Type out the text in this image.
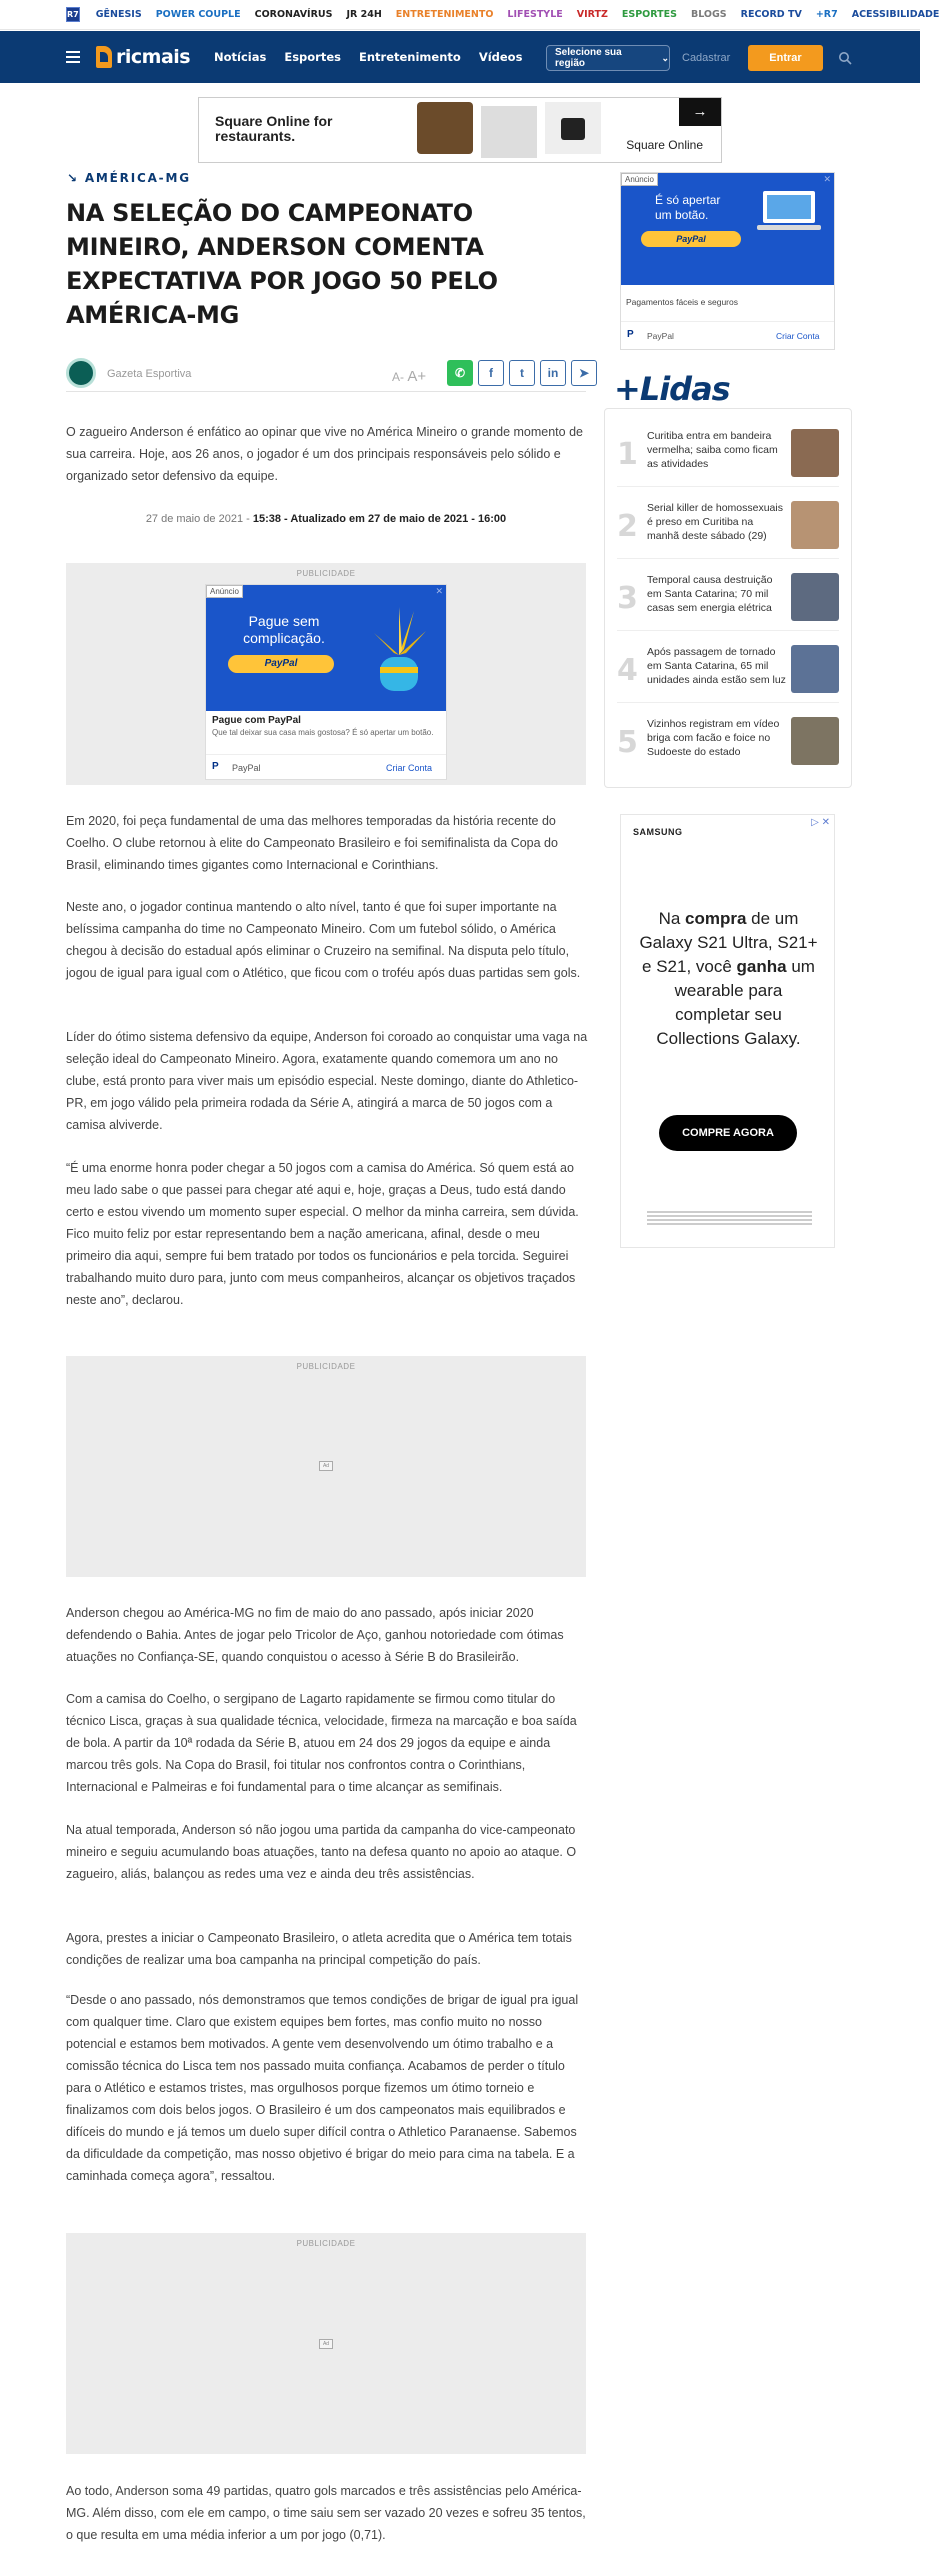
R7 GÊNESIS POWER COUPLE CORONAVÍRUS JR 24H ENTRETENIMENTO LIFESTYLE VIRTZ ESPORTES BLOGS RECORD TV +R7 ACESSIBILIDADE
ricmais Notícias Esportes Entretenimento Vídeos	Selecione sua região
⌄ Cadastrar	Entrar
Square Online for restaurants.
→
Square Online
↘ AMÉRICA-MG
NA SELEÇÃO DO CAMPEONATO MINEIRO, ANDERSON COMENTA EXPECTATIVA POR JOGO 50 PELO AMÉRICA-MG
Gazeta Esportiva	A- A+	✆	f	t	in	➤

O zagueiro Anderson é enfático ao opinar que vive no América Mineiro o grande momento de sua carreira. Hoje, aos 26 anos, o jogador é um dos principais responsáveis pelo sólido e organizado setor defensivo da equipe.

27 de maio de 2021 - 15:38 - Atualizado em 27 de maio de 2021 - 16:00
PUBLICIDADE
Anúncio	✕
Pague sem complicação.
PayPal
Pague com PayPal
Que tal deixar sua casa mais gostosa? É só apertar um botão.
P PayPal	Criar Conta

Em 2020, foi peça fundamental de uma das melhores temporadas da história recente do Coelho. O clube retornou à elite do Campeonato Brasileiro e foi semifinalista da Copa do Brasil, eliminando times gigantes como Internacional e Corinthians.

Neste ano, o jogador continua mantendo o alto nível, tanto é que foi super importante na belíssima campanha do time no Campeonato Mineiro. Com um futebol sólido, o América chegou à decisão do estadual após eliminar o Cruzeiro na semifinal. Na disputa pelo título, jogou de igual para igual com o Atlético, que ficou com o troféu após duas partidas sem gols.

Líder do ótimo sistema defensivo da equipe, Anderson foi coroado ao conquistar uma vaga na seleção ideal do Campeonato Mineiro. Agora, exatamente quando comemora um ano no clube, está pronto para viver mais um episódio especial. Neste domingo, diante do Athletico-PR, em jogo válido pela primeira rodada da Série A, atingirá a marca de 50 jogos com a camisa alviverde.

“É uma enorme honra poder chegar a 50 jogos com a camisa do América. Só quem está ao meu lado sabe o que passei para chegar até aqui e, hoje, graças a Deus, tudo está dando certo e estou vivendo um momento super especial. O melhor da minha carreira, sem dúvida. Fico muito feliz por estar representando bem a nação americana, afinal, desde o meu primeiro dia aqui, sempre fui bem tratado por todos os funcionários e pela torcida. Seguirei trabalhando muito duro para, junto com meus companheiros, alcançar os objetivos traçados neste ano”, declarou.

PUBLICIDADE
Ad

Anderson chegou ao América-MG no fim de maio do ano passado, após iniciar 2020 defendendo o Bahia. Antes de jogar pelo Tricolor de Aço, ganhou notoriedade com ótimas atuações no Confiança-SE, quando conquistou o acesso à Série B do Brasileirão.

Com a camisa do Coelho, o sergipano de Lagarto rapidamente se firmou como titular do técnico Lisca, graças à sua qualidade técnica, velocidade, firmeza na marcação e boa saída de bola. A partir da 10ª rodada da Série B, atuou em 24 dos 29 jogos da equipe e ainda marcou três gols. Na Copa do Brasil, foi titular nos confrontos contra o Corinthians, Internacional e Palmeiras e foi fundamental para o time alcançar as semifinais.

Na atual temporada, Anderson só não jogou uma partida da campanha do vice-campeonato mineiro e seguiu acumulando boas atuações, tanto na defesa quanto no apoio ao ataque. O zagueiro, aliás, balançou as redes uma vez e ainda deu três assistências.

Agora, prestes a iniciar o Campeonato Brasileiro, o atleta acredita que o América tem totais condições de realizar uma boa campanha na principal competição do país.

“Desde o ano passado, nós demonstramos que temos condições de brigar de igual pra igual com qualquer time. Claro que existem equipes bem fortes, mas confio muito no nosso potencial e estamos bem motivados. A gente vem desenvolvendo um ótimo trabalho e a comissão técnica do Lisca tem nos passado muita confiança. Acabamos de perder o título para o Atlético e estamos tristes, mas orgulhosos porque fizemos um ótimo torneio e finalizamos com dois belos jogos. O Brasileiro é um dos campeonatos mais equilibrados e difíceis do mundo e já temos um duelo super difícil contra o Athletico Paranaense. Sabemos da dificuldade da competição, mas nosso objetivo é brigar do meio para cima na tabela. E a caminhada começa agora”, ressaltou.

PUBLICIDADE
Ad

Ao todo, Anderson soma 49 partidas, quatro gols marcados e três assistências pelo América-MG. Além disso, com ele em campo, o time saiu sem ser vazado 20 vezes e sofreu 35 tentos, o que resulta em uma média inferior a um por jogo (0,71).

Anúncio	✕
É só apertar um botão.
PayPal
Pagamentos fáceis e seguros
P PayPal	Criar Conta
+Lidas
1
Curitiba entra em bandeira vermelha; saiba como ficam as atividades
2
Serial killer de homossexuais é preso em Curitiba na manhã deste sábado (29)
3
Temporal causa destruição em Santa Catarina; 70 mil casas sem energia elétrica
4
Após passagem de tornado em Santa Catarina, 65 mil unidades ainda estão sem luz
5
Vizinhos registram em vídeo briga com facão e foice no Sudoeste do estado
SAMSUNG
▷ ✕
Na compra de um Galaxy S21 Ultra, S21+ e S21, você ganha um wearable para completar seu Collections Galaxy.
COMPRE AGORA
